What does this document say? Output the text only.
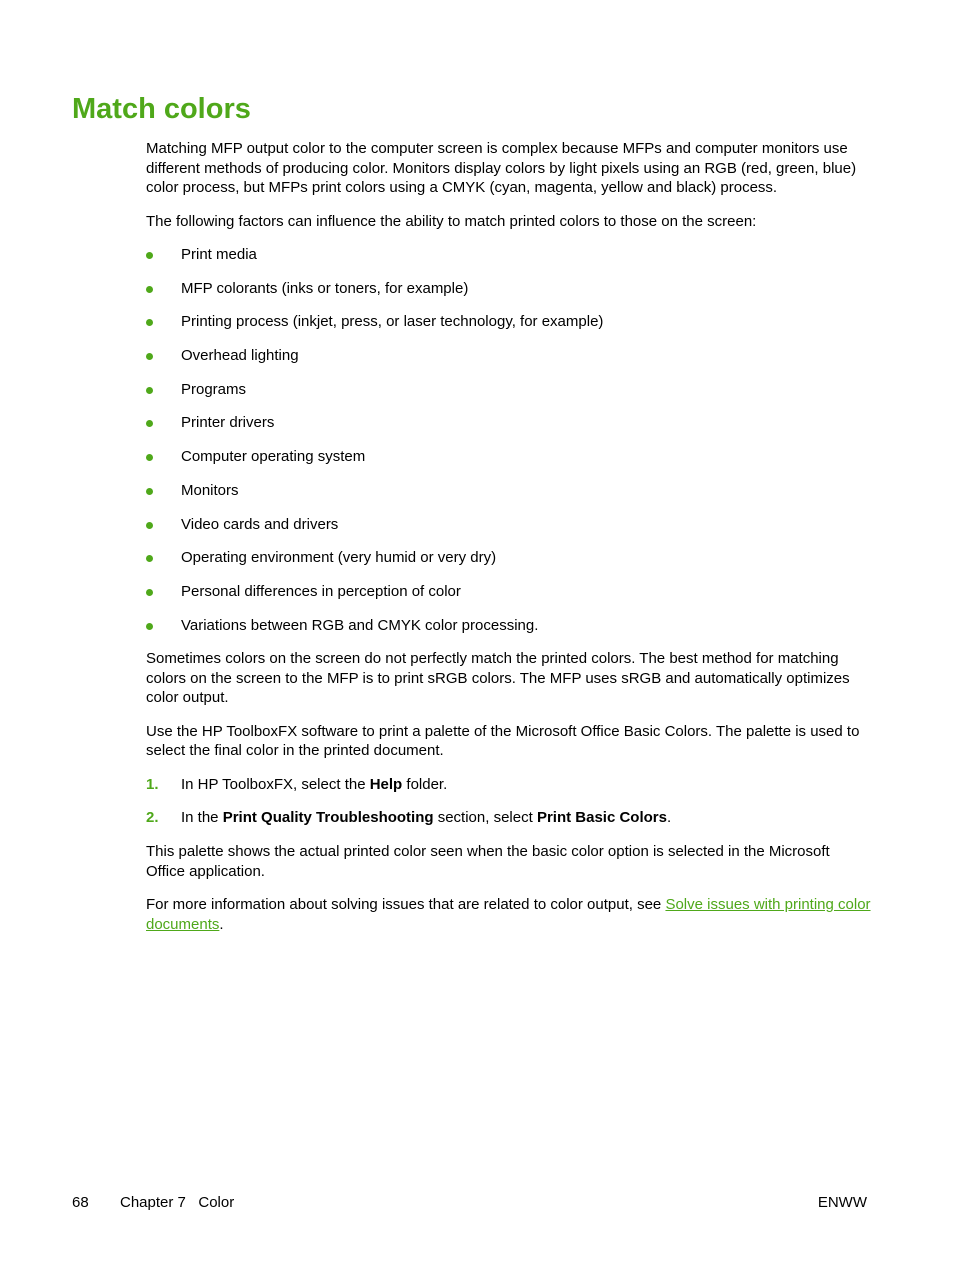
Match colors

Matching MFP output color to the computer screen is complex because MFPs and computer monitors use different methods of producing color. Monitors display colors by light pixels using an RGB (red, green, blue) color process, but MFPs print colors using a CMYK (cyan, magenta, yellow and black) process.

The following factors can influence the ability to match printed colors to those on the screen:

Print media
MFP colorants (inks or toners, for example)
Printing process (inkjet, press, or laser technology, for example)
Overhead lighting
Programs
Printer drivers
Computer operating system
Monitors
Video cards and drivers
Operating environment (very humid or very dry)
Personal differences in perception of color
Variations between RGB and CMYK color processing.

Sometimes colors on the screen do not perfectly match the printed colors. The best method for matching colors on the screen to the MFP is to print sRGB colors. The MFP uses sRGB and automatically optimizes color output.

Use the HP ToolboxFX software to print a palette of the Microsoft Office Basic Colors. The palette is used to select the final color in the printed document.

1. In HP ToolboxFX, select the Help folder.
2. In the Print Quality Troubleshooting section, select Print Basic Colors.

This palette shows the actual printed color seen when the basic color option is selected in the Microsoft Office application.

For more information about solving issues that are related to color output, see Solve issues with printing color documents.

68 Chapter 7   Color	ENWW
